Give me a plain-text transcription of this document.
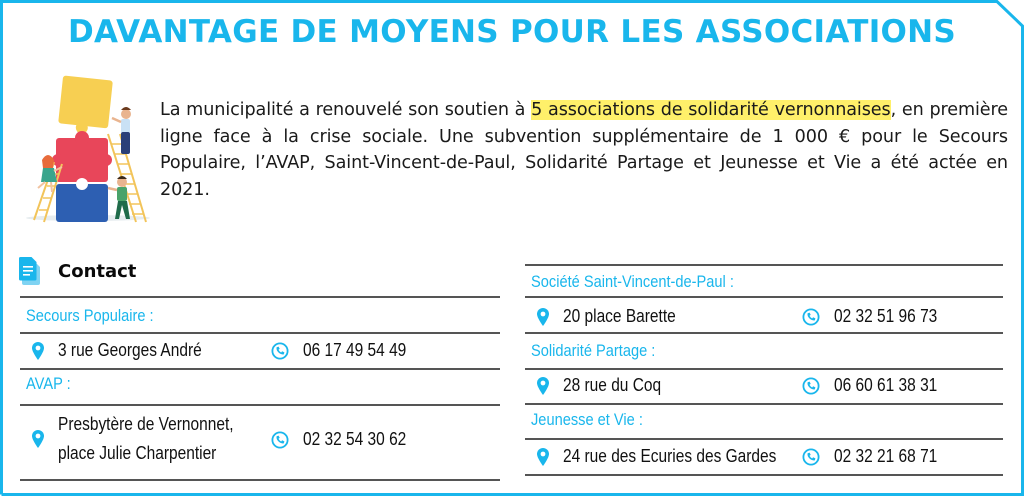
DAVANTAGE DE MOYENS POUR LES ASSOCIATIONS

La municipalité a renouvelé son soutien à 5 associations de solidarité vernonnaises, en première ligne face à la crise sociale. Une subvention supplémentaire de 1 000 € pour le Secours Populaire, l’AVAP, Saint-Vincent-de-Paul, Solidarité Partage et Jeunesse et Vie a été actée en 2021.

Contact
Secours Populaire :
3 rue Georges André	06 17 49 54 49
AVAP :
Presbytère de Vernonnet,
place Julie Charpentier
02 32 54 30 62
Société Saint-Vincent-de-Paul :
20 place Barette	02 32 51 96 73
Solidarité Partage :
28 rue du Coq	06 60 61 38 31
Jeunesse et Vie :
24 rue des Ecuries des Gardes	02 32 21 68 71
